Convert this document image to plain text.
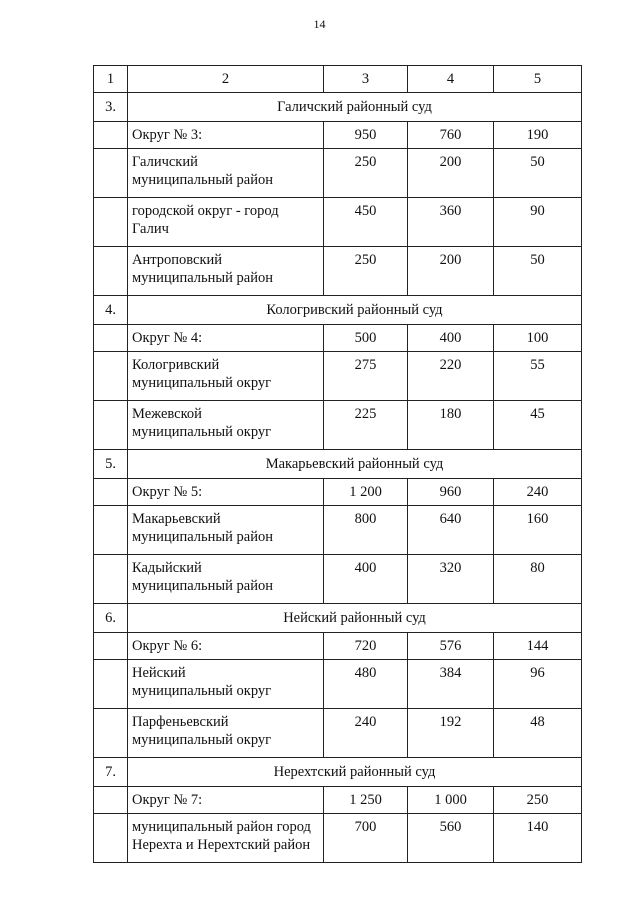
14
1	2	3	4	5
3.	Галичский районный суд			
	Округ № 3:	950	760	190

	Галичский
муниципальный район	250	200	50

	городской округ - город
Галич	450	360	90

	Антроповский
муниципальный район	250	200	50
4.	Кологривский районный суд			
	Округ № 4:	500	400	100

	Кологривский
муниципальный округ	275	220	55

	Межевской
муниципальный округ	225	180	45
5.	Макарьевский районный суд			
	Округ № 5:	1 200	960	240

	Макарьевский
муниципальный район	800	640	160

	Кадыйский
муниципальный район	400	320	80
6.	Нейский районный суд			
	Округ № 6:	720	576	144

	Нейский
муниципальный округ	480	384	96

	Парфеньевский
муниципальный округ	240	192	48
7.	Нерехтский районный суд			
	Округ № 7:	1 250	1 000	250

	муниципальный район город
Нерехта и Нерехтский район	700	560	140
